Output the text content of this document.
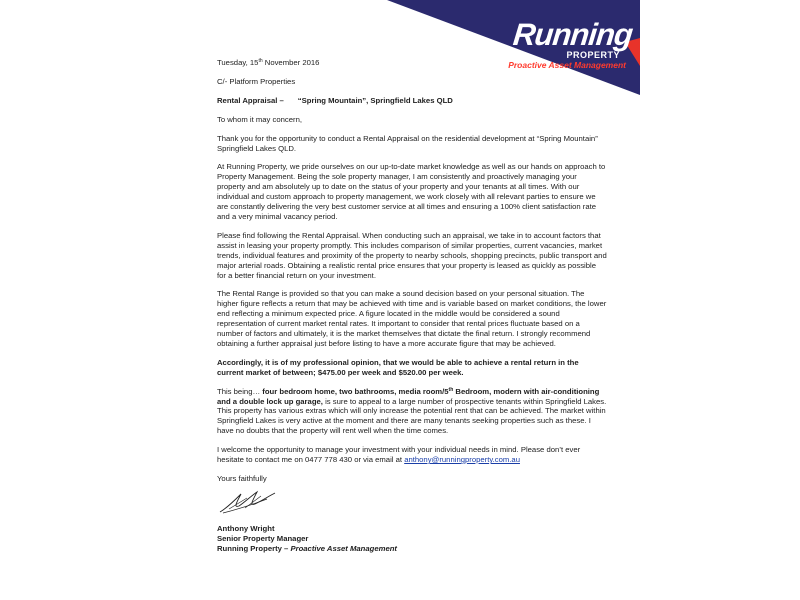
Running
PROPERTY
Proactive Asset Management

Tuesday, 15th November 2016

C/- Platform Properties

Rental Appraisal – “Spring Mountain”, Springfield Lakes QLD

To whom it may concern,

Thank you for the opportunity to conduct a Rental Appraisal on the residential development at “Spring Mountain” Springfield Lakes QLD.

At Running Property, we pride ourselves on our up-to-date market knowledge as well as our hands on approach to Property Management. Being the sole property manager, I am consistently and proactively managing your property and am absolutely up to date on the status of your property and your tenants at all times. With our individual and custom approach to property management, we work closely with all relevant parties to ensure we are constantly delivering the very best customer service at all times and ensuring a 100% client satisfaction rate and a very minimal vacancy period.

Please find following the Rental Appraisal. When conducting such an appraisal, we take in to account factors that assist in leasing your property promptly. This includes comparison of similar properties, current vacancies, market trends, individual features and proximity of the property to nearby schools, shopping precincts, public transport and major arterial roads. Obtaining a realistic rental price ensures that your property is leased as quickly as possible for a better financial return on your investment.

The Rental Range is provided so that you can make a sound decision based on your personal situation. The higher figure reflects a return that may be achieved with time and is variable based on market conditions, the lower end reflecting a minimum expected price. A figure located in the middle would be considered a sound representation of current market rental rates. It important to consider that rental prices fluctuate based on a number of factors and ultimately, it is the market themselves that dictate the final return. I strongly recommend obtaining a further appraisal just before listing to have a more accurate figure that may be achieved.

Accordingly, it is of my professional opinion, that we would be able to achieve a rental return in the current market of between; $475.00 per week and $520.00 per week.

This being… four bedroom home, two bathrooms, media room/5th Bedroom, modern with air-conditioning and a double lock up garage, is sure to appeal to a large number of prospective tenants within Springfield Lakes. This property has various extras which will only increase the potential rent that can be achieved. The market within Springfield Lakes is very active at the moment and there are many tenants seeking properties such as these. I have no doubts that the property will rent well when the time comes.

I welcome the opportunity to manage your investment with your individual needs in mind. Please don’t ever hesitate to contact me on 0477 778 430 or via email at anthony@runningproperty.com.au

Yours faithfully

Anthony Wright
Senior Property Manager
Running Property – Proactive Asset Management
